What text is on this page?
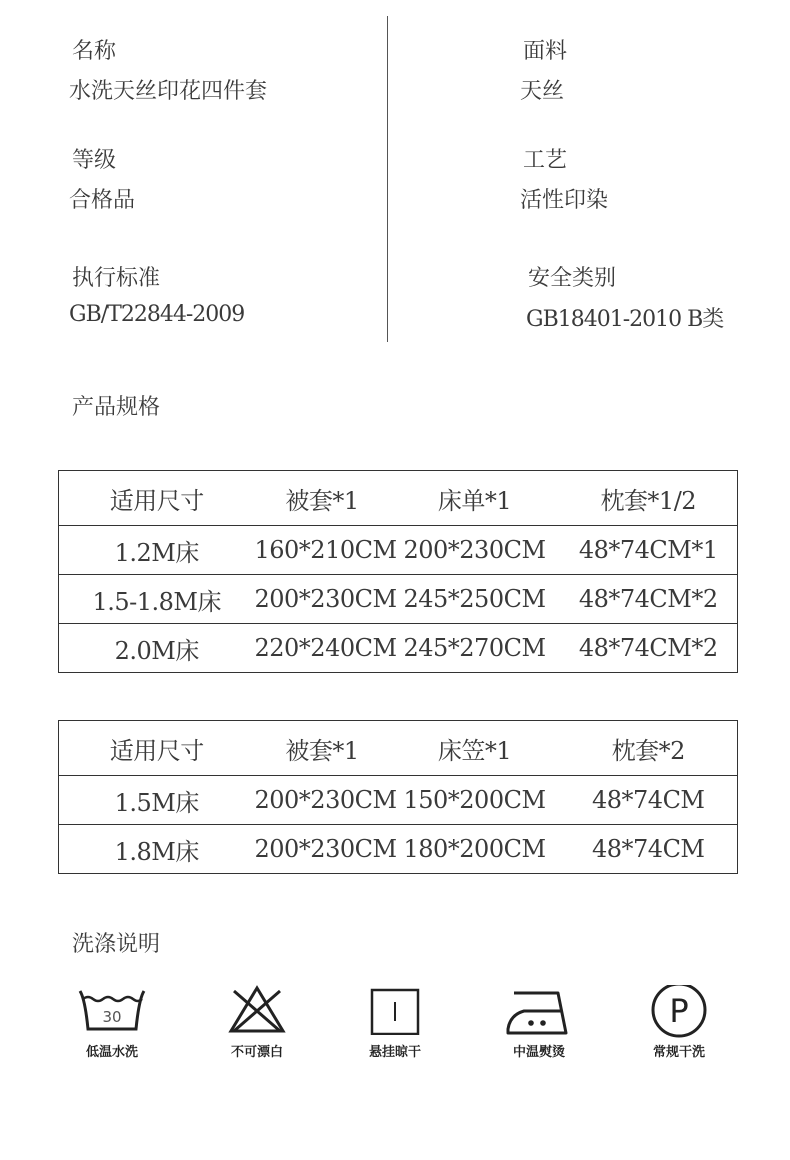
名称
水洗天丝印花四件套
面料
天丝
等级
合格品
工艺
活性印染
执行标准
GB/T22844-2009
安全类别
GB18401-2010 B类
产品规格
适用尺寸	被套*1	床单*1	枕套*1/2
1.2M床	160*210CM	200*230CM	48*74CM*1
1.5-1.8M床	200*230CM	245*250CM	48*74CM*2
2.0M床	220*240CM	245*270CM	48*74CM*2
适用尺寸	被套*1	床笠*1	枕套*2
1.5M床	200*230CM	150*200CM	48*74CM
1.8M床	200*230CM	180*200CM	48*74CM
洗涤说明
30
低温水洗	不可漂白	悬挂晾干	中温熨烫
P
常规干洗
